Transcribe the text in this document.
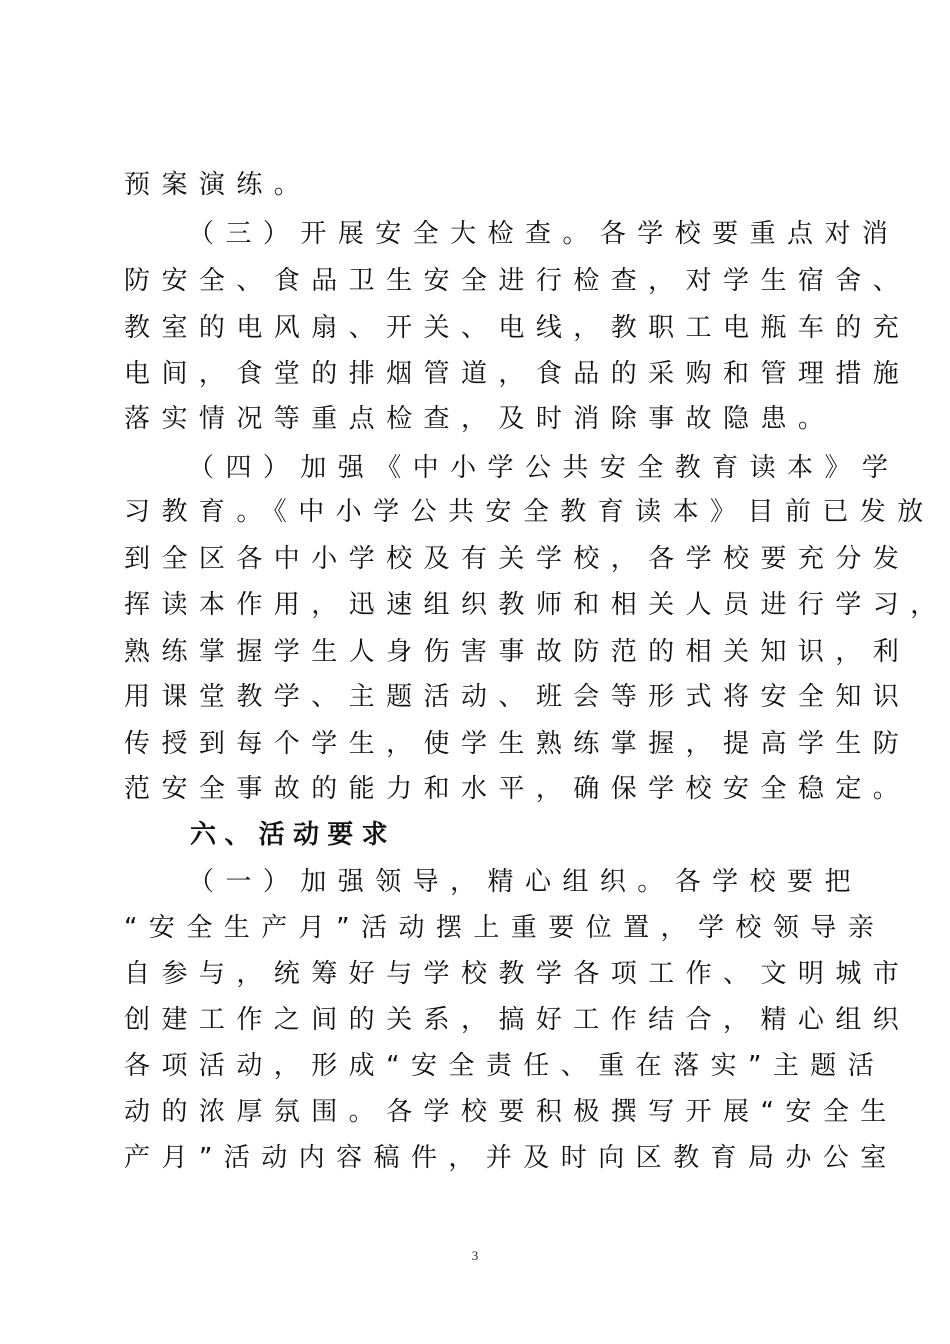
预案演练。
（三）开展安全大检查。各学校要重点对消
防安全、食品卫生安全进行检查，对学生宿舍、
教室的电风扇、开关、电线，教职工电瓶车的充
电间，食堂的排烟管道，食品的采购和管理措施
落实情况等重点检查，及时消除事故隐患。
（四）加强《中小学公共安全教育读本》学
习教育。《中小学公共安全教育读本》目前已发放
到全区各中小学校及有关学校，各学校要充分发
挥读本作用，迅速组织教师和相关人员进行学习，
熟练掌握学生人身伤害事故防范的相关知识，利
用课堂教学、主题活动、班会等形式将安全知识
传授到每个学生，使学生熟练掌握，提高学生防
范安全事故的能力和水平，确保学校安全稳定。
六、活动要求
（一）加强领导，精心组织。各学校要把
“安全生产月”活动摆上重要位置，学校领导亲
自参与，统筹好与学校教学各项工作、文明城市
创建工作之间的关系，搞好工作结合，精心组织
各项活动，形成“安全责任、重在落实”主题活
动的浓厚氛围。各学校要积极撰写开展“安全生
产月”活动内容稿件，并及时向区教育局办公室
3
